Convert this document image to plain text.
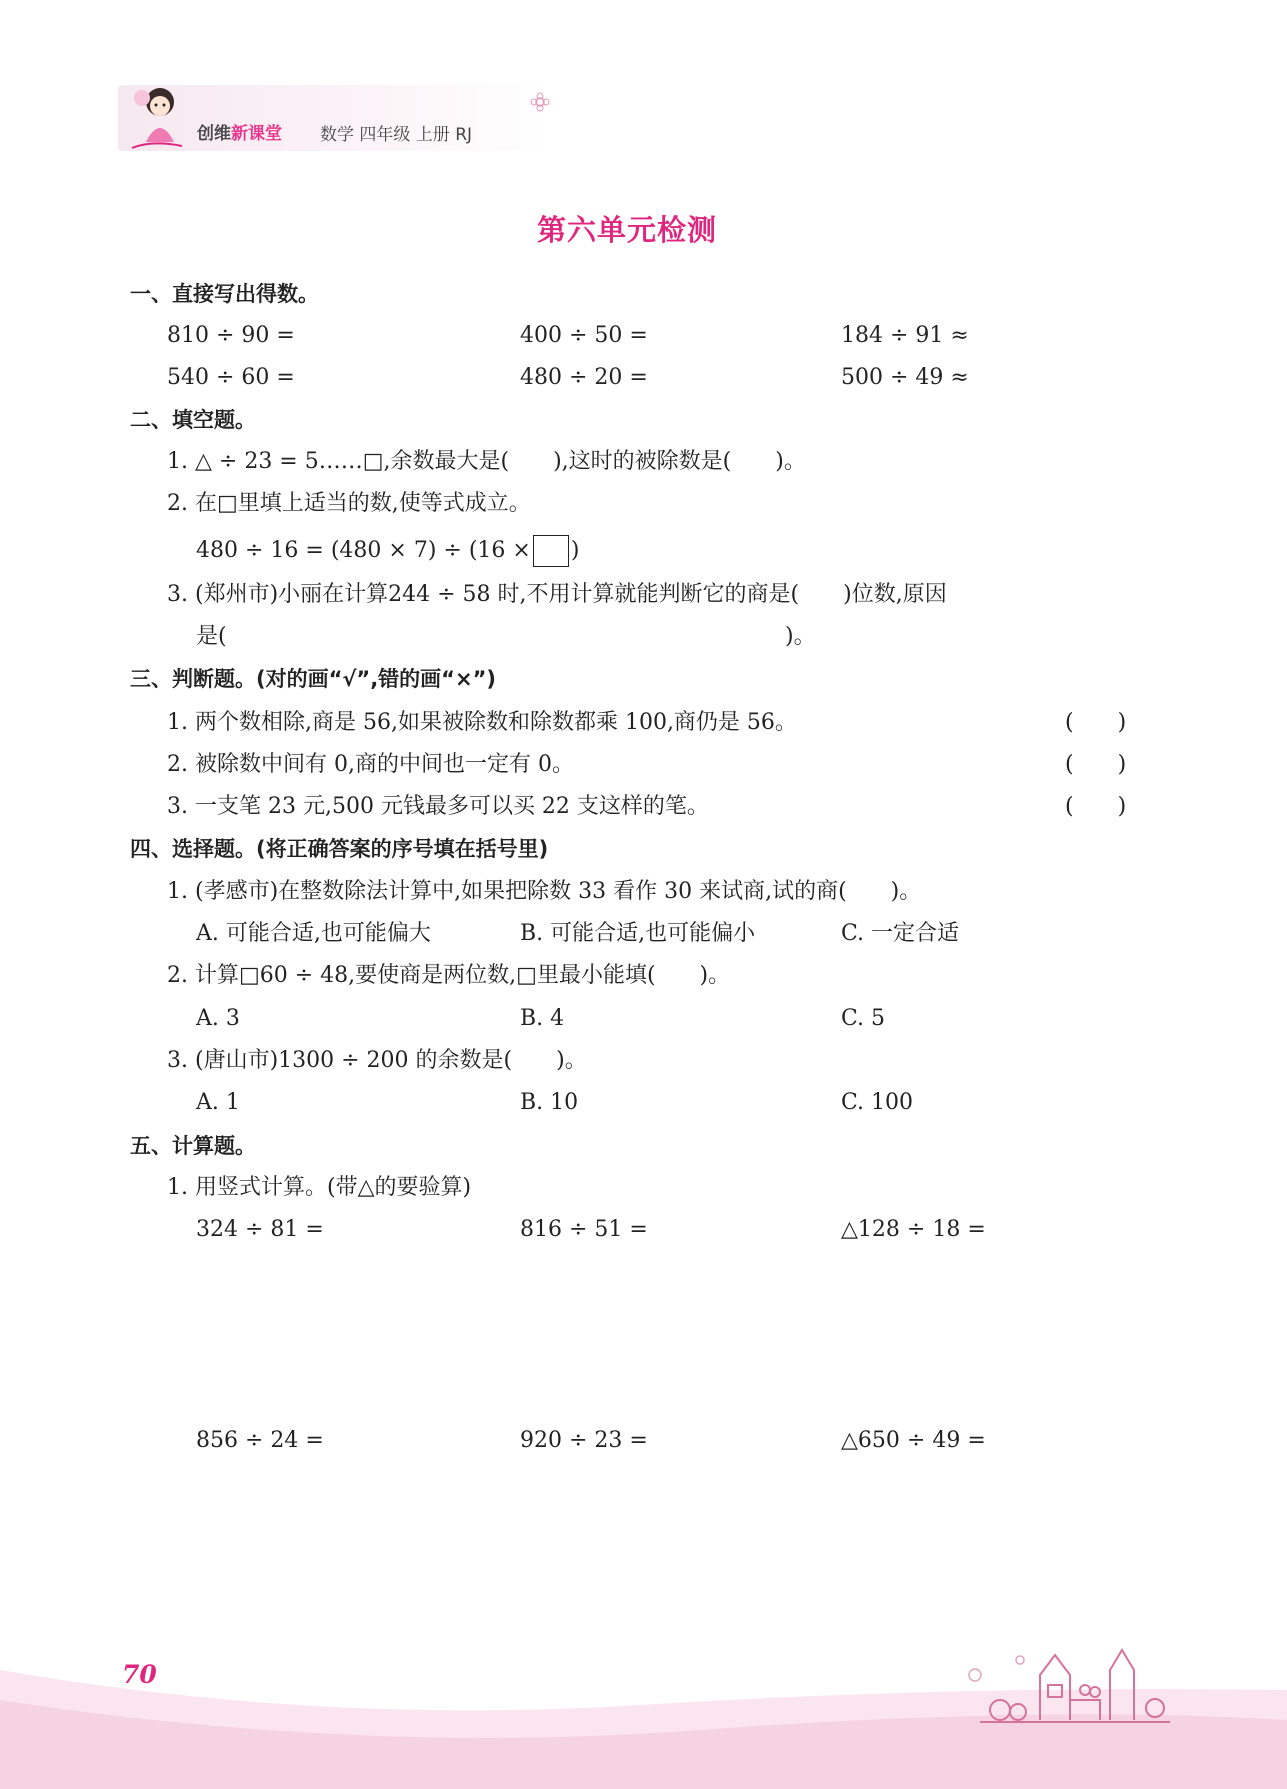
创维新课堂 数学 四年级 上册 RJ
第六单元检测
一、直接写出得数。
810 ÷ 90 =	400 ÷ 50 =	184 ÷ 91 ≈
540 ÷ 60 =	480 ÷ 20 =	500 ÷ 49 ≈
二、填空题。
1. △ ÷ 23 = 5……□,余数最大是(　　),这时的被除数是(　　)。
2. 在□里填上适当的数,使等式成立。
480 ÷ 16 = (480 × 7) ÷ (16 × )
3. (郑州市)小丽在计算244 ÷ 58 时,不用计算就能判断它的商是(　　)位数,原因
是(	)。
三、判断题。(对的画“√”,错的画“×”)
1. 两个数相除,商是 56,如果被除数和除数都乘 100,商仍是 56。	(　　)
2. 被除数中间有 0,商的中间也一定有 0。	(　　)
3. 一支笔 23 元,500 元钱最多可以买 22 支这样的笔。	(　　)
四、选择题。(将正确答案的序号填在括号里)
1. (孝感市)在整数除法计算中,如果把除数 33 看作 30 来试商,试的商(　　)。
A. 可能合适,也可能偏大	B. 可能合适,也可能偏小	C. 一定合适
2. 计算□60 ÷ 48,要使商是两位数,□里最小能填(　　)。
A. 3	B. 4	C. 5
3. (唐山市)1300 ÷ 200 的余数是(　　)。
A. 1	B. 10	C. 100
五、计算题。
1. 用竖式计算。(带△的要验算)
324 ÷ 81 =	816 ÷ 51 =	△128 ÷ 18 =
856 ÷ 24 =	920 ÷ 23 =	△650 ÷ 49 =
70
